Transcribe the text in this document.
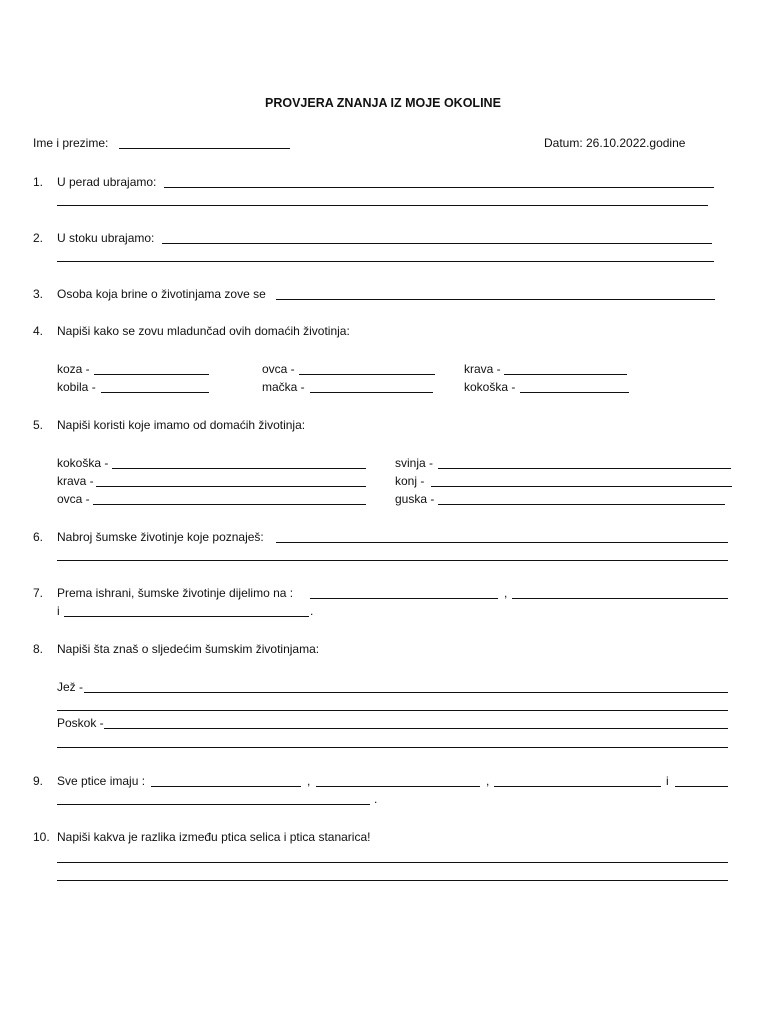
PROVJERA ZNANJA IZ MOJE OKOLINE
Ime i prezime:	Datum: 26.10.2022.godine
1. U perad ubrajamo:
2. U stoku ubrajamo:
3. Osoba koja brine o životinjama zove se
4. Napiši kako se zovu mladunčad ovih domaćih životinja:
koza -	ovca -	krava -
kobila -	mačka -	kokoška -
5. Napiši koristi koje imamo od domaćih životinja:
kokoška -	svinja -
krava -	konj -
ovca -	guska -
6. Nabroj šumske životinje koje poznaješ:
7. Prema ishrani, šumske životinje dijelimo na :	,
i	.
8. Napiši šta znaš o sljedećim šumskim životinjama:
Jež -
Poskok -
9. Sve ptice imaju :	,	,	i
.
10. Napiši kakva je razlika između ptica selica i ptica stanarica!
